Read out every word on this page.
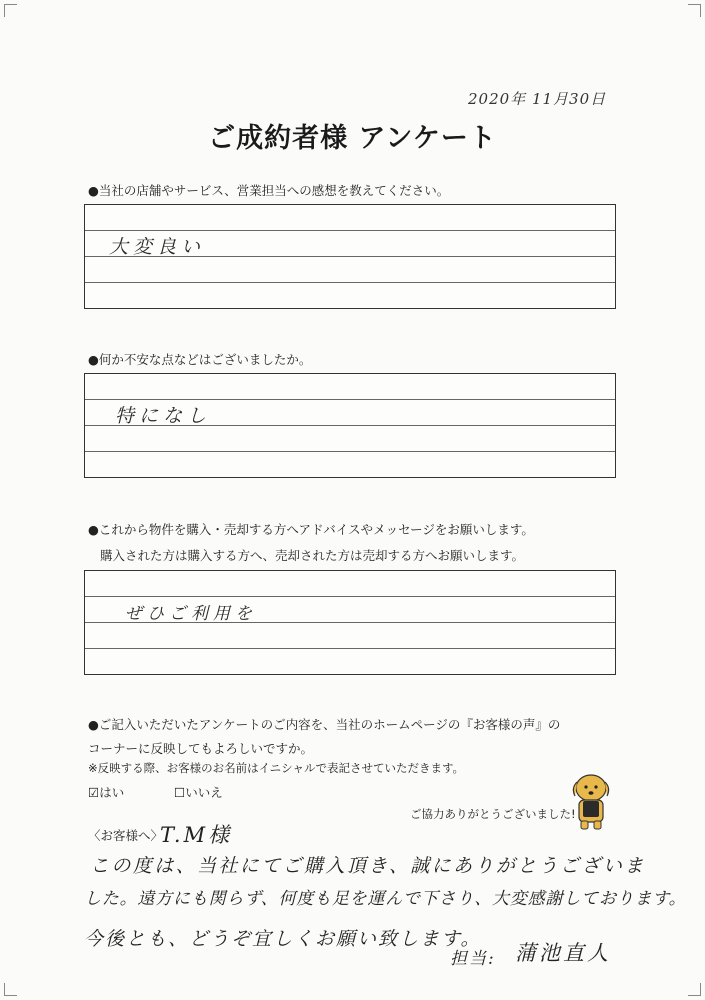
2020年 11月30日
ご成約者様 アンケート
●当社の店舗やサービス、営業担当への感想を教えてください。
大変良い
●何か不安な点などはございましたか。
特になし
●これから物件を購入・売却する方へアドバイスやメッセージをお願いします。
購入された方は購入する方へ、売却された方は売却する方へお願いします。
ぜひご利用を
●ご記入いただいたアンケートのご内容を、当社のホームページの『お客様の声』の
コーナーに反映してもよろしいですか。
※反映する際、お客様のお名前はイニシャルで表記させていただきます。
☑はい	☐いいえ
ご協力ありがとうございました!
〈お客様へ〉
T.M様
この度は、当社にてご購入頂き、誠にありがとうございま
した。遠方にも関らず、何度も足を運んで下さり、大変感謝しております。
今後とも、どうぞ宜しくお願い致します。
担当: 蒲池直人
